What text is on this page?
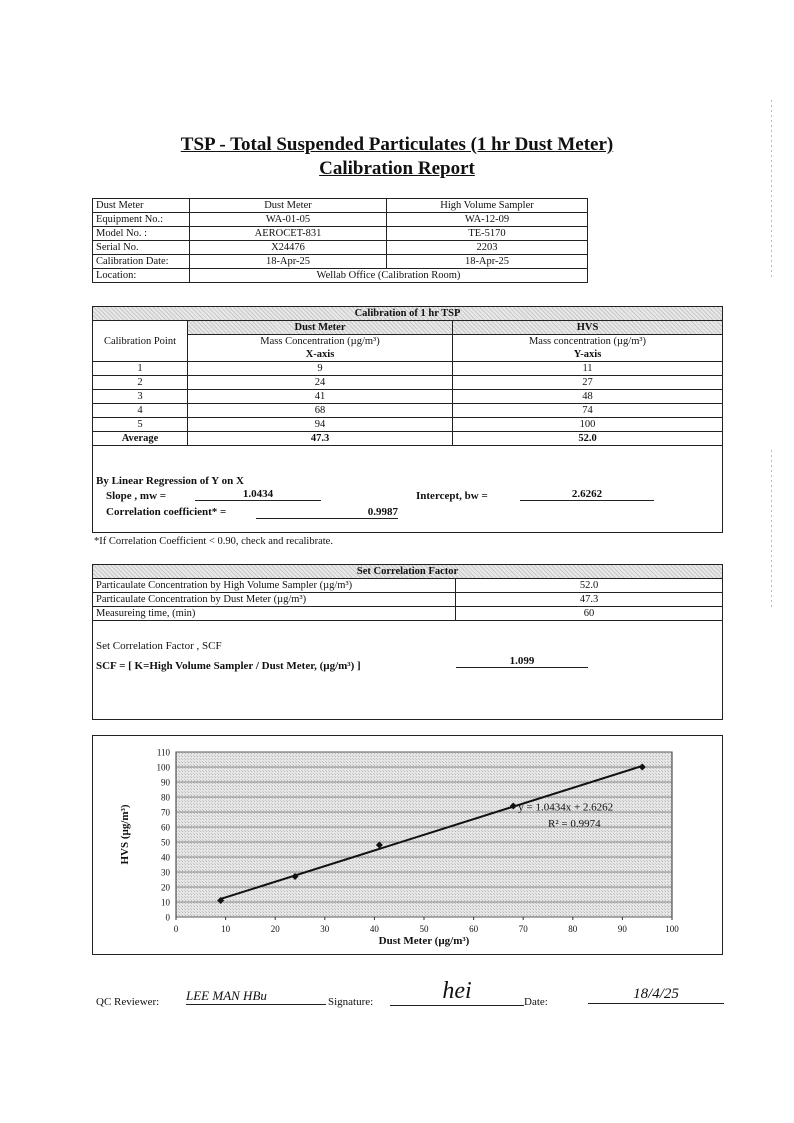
TSP - Total Suspended Particulates (1 hr Dust Meter)
Calibration Report
Dust Meter	Dust Meter	High Volume Sampler
Equipment No.:	WA-01-05	WA-12-09
Model No. :	AEROCET-831	TE-5170
Serial No.	X24476	2203
Calibration Date:	18-Apr-25	18-Apr-25
Location:	Wellab Office (Calibration Room)	
Calibration of 1 hr TSP		
Calibration Point	Dust Meter	HVS
	Mass Concentration (µg/m³)	Mass concentration (µg/m³)
	X-axis	Y-axis
1	9	11
2	24	27
3	41	48
4	68	74
5	94	100
Average	47.3	52.0
By Linear Regression of Y on X
Slope , mw =	1.0434	Intercept, bw =	2.6262
Correlation coefficient* =	0.9987
*If Correlation Coefficient < 0.90, check and recalibrate.
Set Correlation Factor	
Particaulate Concentration by High Volume Sampler (µg/m³)	52.0
Particaulate Concentration by Dust Meter (µg/m³)	47.3
Measureing time, (min)	60
Set Correlation Factor , SCF
SCF = [ K=High Volume Sampler / Dust Meter, (µg/m³) ]	1.099
0
10
20
30
40
50
60
70
80
90
100
110
0	10	20	30	40	50	60	70	80	90	100
y = 1.0434x + 2.6262
R² = 0.9974
Dust Meter (µg/m³)
HVS (µg/m³)
QC Reviewer: LEE MAN HBu	Signature:	hei	Date:	18/4/25
